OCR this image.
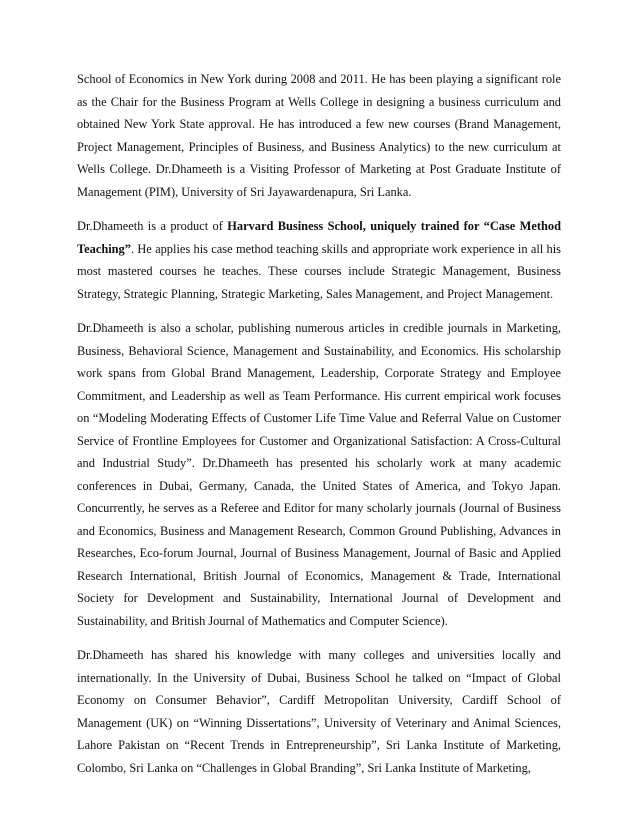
School of Economics in New York during 2008 and 2011. He has been playing a significant role as the Chair for the Business Program at Wells College in designing a business curriculum and obtained New York State approval. He has introduced a few new courses (Brand Management, Project Management, Principles of Business, and Business Analytics) to the new curriculum at Wells College. Dr.Dhameeth is a Visiting Professor of Marketing at Post Graduate Institute of Management (PIM), University of Sri Jayawardenapura, Sri Lanka.

Dr.Dhameeth is a product of Harvard Business School, uniquely trained for “Case Method Teaching”. He applies his case method teaching skills and appropriate work experience in all his most mastered courses he teaches. These courses include Strategic Management, Business Strategy, Strategic Planning, Strategic Marketing, Sales Management, and Project Management.

Dr.Dhameeth is also a scholar, publishing numerous articles in credible journals in Marketing, Business, Behavioral Science, Management and Sustainability, and Economics. His scholarship work spans from Global Brand Management, Leadership, Corporate Strategy and Employee Commitment, and Leadership as well as Team Performance. His current empirical work focuses on “Modeling Moderating Effects of Customer Life Time Value and Referral Value on Customer Service of Frontline Employees for Customer and Organizational Satisfaction: A Cross-Cultural and Industrial Study”. Dr.Dhameeth has presented his scholarly work at many academic conferences in Dubai, Germany, Canada, the United States of America, and Tokyo Japan. Concurrently, he serves as a Referee and Editor for many scholarly journals (Journal of Business and Economics, Business and Management Research, Common Ground Publishing, Advances in Researches, Eco-forum Journal, Journal of Business Management, Journal of Basic and Applied Research International, British Journal of Economics, Management & Trade, International Society for Development and Sustainability, International Journal of Development and Sustainability, and British Journal of Mathematics and Computer Science).

Dr.Dhameeth has shared his knowledge with many colleges and universities locally and internationally. In the University of Dubai, Business School he talked on “Impact of Global Economy on Consumer Behavior”, Cardiff Metropolitan University, Cardiff School of Management (UK) on “Winning Dissertations”, University of Veterinary and Animal Sciences, Lahore Pakistan on “Recent Trends in Entrepreneurship”, Sri Lanka Institute of Marketing, Colombo, Sri Lanka on “Challenges in Global Branding”, Sri Lanka Institute of Marketing,
